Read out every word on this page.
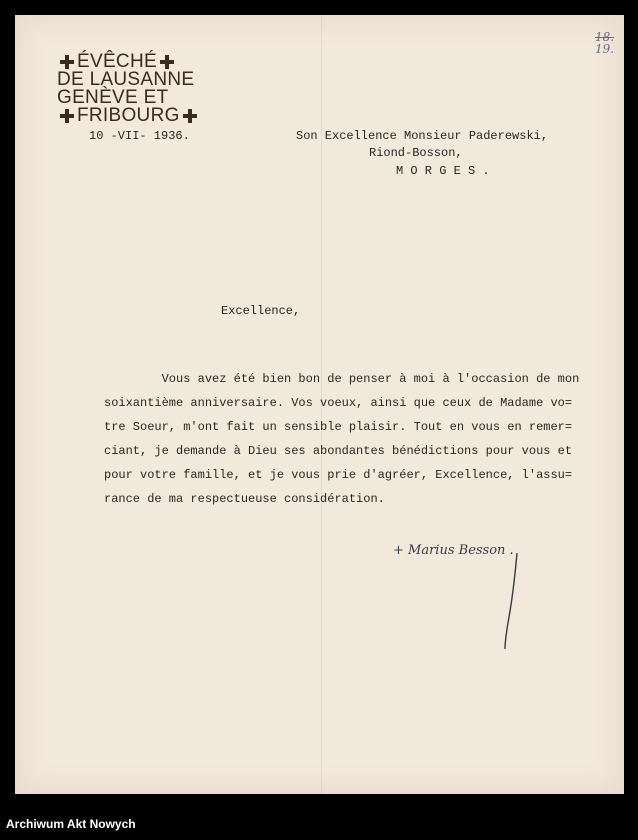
ÉVÊCHÉ
DE LAUSANNE
GENÈVE ET
FRIBOURG
18.
19.
10 -VII- 1936.	Son Excellence Monsieur Paderewski,
Riond-Bosson,
M O R G E S .
Excellence,
Vous avez été bien bon de penser à moi à l'occasion de mon
soixantième anniversaire. Vos voeux, ainsi que ceux de Madame vo=
tre Soeur, m'ont fait un sensible plaisir. Tout en vous en remer=
ciant, je demande à Dieu ses abondantes bénédictions pour vous et
pour votre famille, et je vous prie d'agréer, Excellence, l'assu=
rance de ma respectueuse considération.
+ Marius Besson .
Archiwum Akt Nowych
